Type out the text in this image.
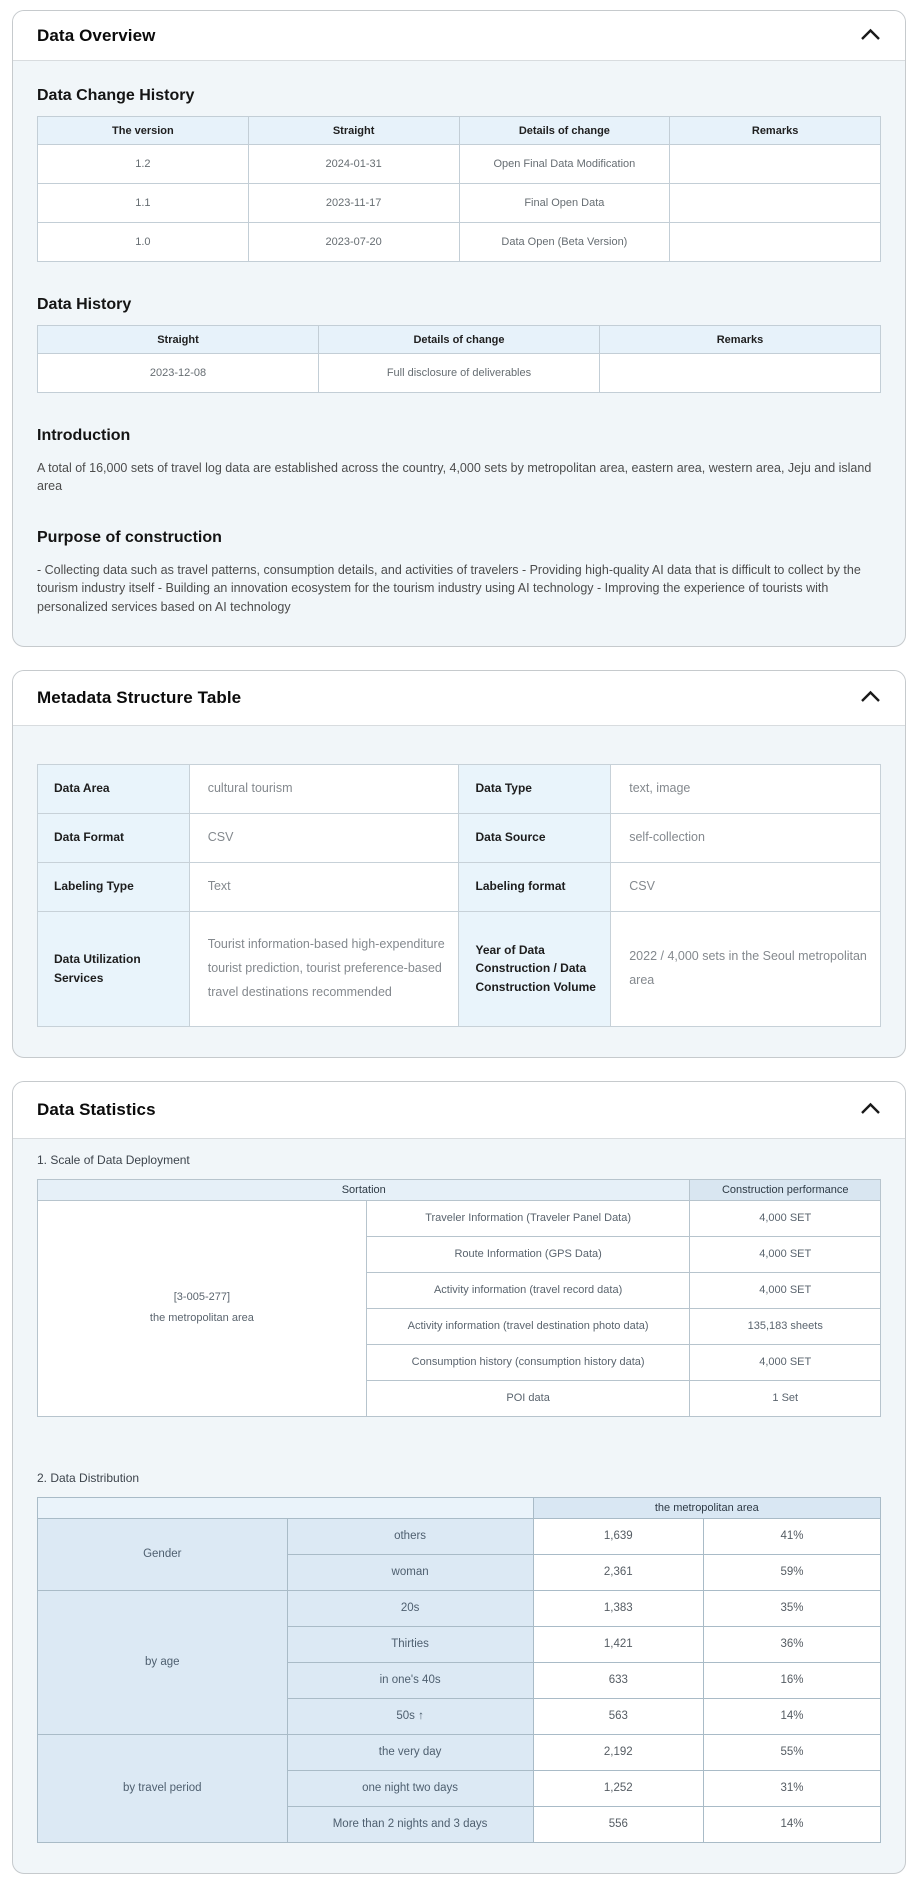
Data Overview
Data Change History
The version	Straight	Details of change	Remarks
1.2	2024-01-31	Open Final Data Modification	
1.1	2023-11-17	Final Open Data	
1.0	2023-07-20	Data Open (Beta Version)	
Data History
Straight	Details of change	Remarks
2023-12-08	Full disclosure of deliverables	
Introduction

A total of 16,000 sets of travel log data are established across the country, 4,000 sets by metropolitan area, eastern area, western area, Jeju and island area

Purpose of construction

- Collecting data such as travel patterns, consumption details, and activities of travelers - Providing high-quality AI data that is difficult to collect by the tourism industry itself - Building an innovation ecosystem for the tourism industry using AI technology - Improving the experience of tourists with personalized services based on AI technology

Metadata Structure Table
Data Area	cultural tourism	Data Type	text, image
Data Format	CSV	Data Source	self-collection
Labeling Type	Text	Labeling format	CSV
Data Utilization Services	Tourist information-based high-expenditure tourist prediction, tourist preference-based travel destinations recommended	Year of Data Construction / Data Construction Volume	2022 / 4,000 sets in the Seoul metropolitan area
Data Statistics

1. Scale of Data Deployment

Sortation		Construction performance

[3-005-277]
the metropolitan area	Traveler Information (Traveler Panel Data)	4,000 SET
	Route Information (GPS Data)	4,000 SET
	Activity information (travel record data)	4,000 SET
	Activity information (travel destination photo data)	135,183 sheets
	Consumption history (consumption history data)	4,000 SET
	POI data	1 Set

2. Data Distribution

		the metropolitan area	
Gender	others	1,639	41%
	woman	2,361	59%
by age	20s	1,383	35%
	Thirties	1,421	36%
	in one's 40s	633	16%
	50s ↑	563	14%
by travel period	the very day	2,192	55%
	one night two days	1,252	31%
	More than 2 nights and 3 days	556	14%
